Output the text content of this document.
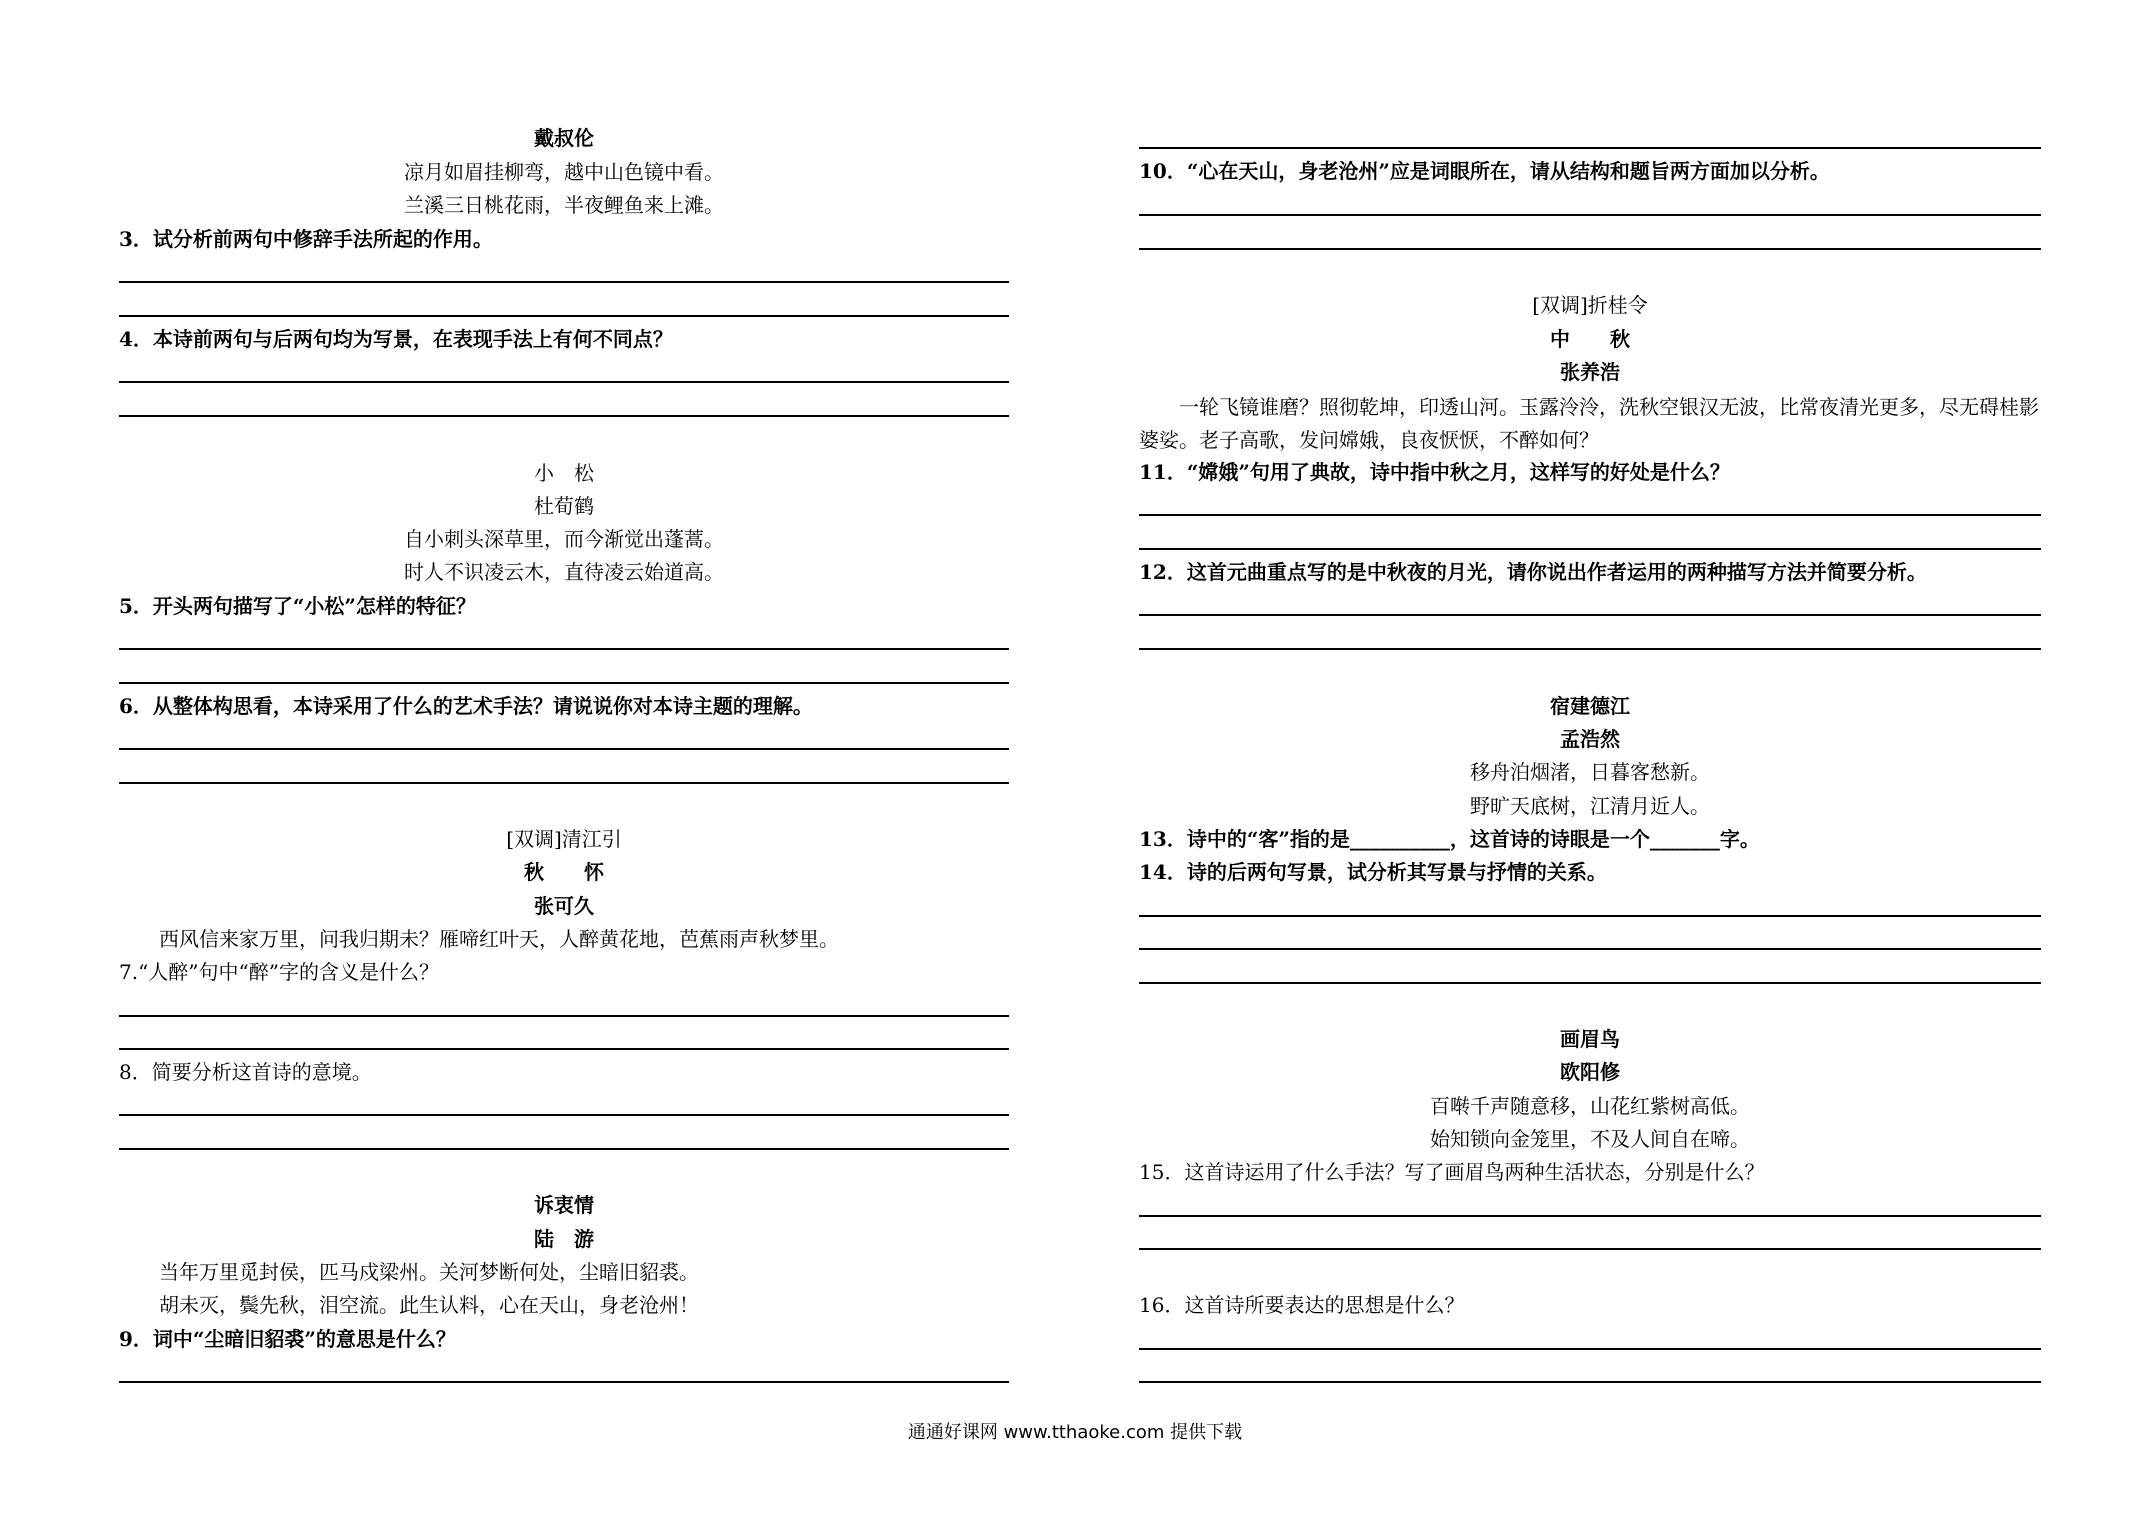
戴叔伦
凉月如眉挂柳弯，越中山色镜中看。
兰溪三日桃花雨，半夜鲤鱼来上滩。
3．试分析前两句中修辞手法所起的作用。
4．本诗前两句与后两句均为写景，在表现手法上有何不同点？
小　松
杜荀鹤
自小刺头深草里，而今渐觉出蓬蒿。
时人不识凌云木，直待凌云始道高。
5．开头两句描写了“小松”怎样的特征？
6．从整体构思看，本诗采用了什么的艺术手法？请说说你对本诗主题的理解。
[双调]清江引
秋　　怀
张可久
西风信来家万里，问我归期未？雁啼红叶天，人醉黄花地，芭蕉雨声秋梦里。
7.“人醉”句中“醉”字的含义是什么？
8．简要分析这首诗的意境。
诉衷情
陆　游
当年万里觅封侯，匹马戍梁州。关河梦断何处，尘暗旧貂裘。
胡未灭，鬓先秋，泪空流。此生认料，心在天山，身老沧州！
9．词中“尘暗旧貂裘”的意思是什么？
10．“心在天山，身老沧州”应是词眼所在，请从结构和题旨两方面加以分析。
[双调]折桂令
中　　秋
张养浩
一轮飞镜谁磨？照彻乾坤，印透山河。玉露泠泠，洗秋空银汉无波，比常夜清光更多，尽无碍桂影婆娑。老子高歌，发问嫦娥，良夜恹恹，不醉如何？
11．“嫦娥”句用了典故，诗中指中秋之月，这样写的好处是什么？
12．这首元曲重点写的是中秋夜的月光，请你说出作者运用的两种描写方法并简要分析。
宿建德江
孟浩然
移舟泊烟渚，日暮客愁新。
野旷天底树，江清月近人。
13．诗中的“客”指的是__________，这首诗的诗眼是一个_______字。
14．诗的后两句写景，试分析其写景与抒情的关系。
画眉鸟
欧阳修
百啭千声随意移，山花红紫树高低。
始知锁向金笼里，不及人间自在啼。
15．这首诗运用了什么手法？写了画眉鸟两种生活状态，分别是什么？
16．这首诗所要表达的思想是什么？
通通好课网 www.tthaoke.com 提供下载
